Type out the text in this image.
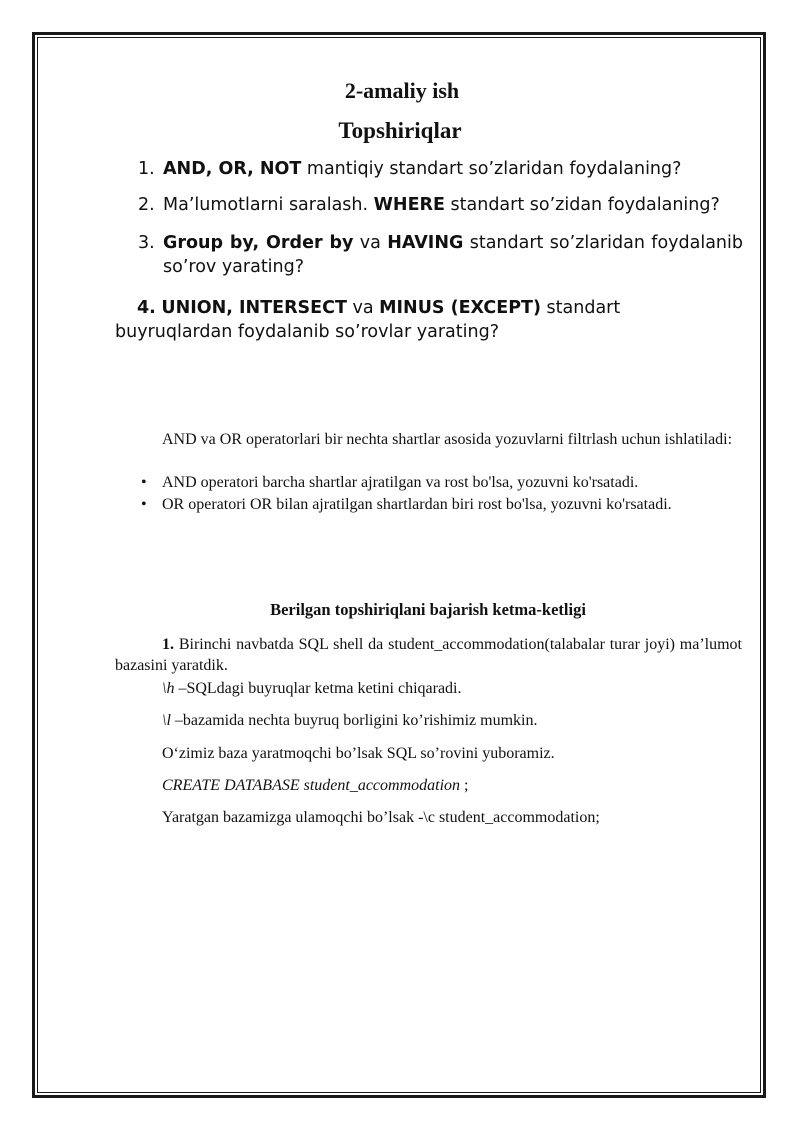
2-amaliy ish
Topshiriqlar
1. AND, OR, NOT mantiqiy standart so’zlaridan foydalaning?
2. Ma’lumotlarni saralash. WHERE standart so’zidan foydalaning?
3. Group by, Order by va HAVING standart so’zlaridan foydalanib so’rov yarating?
4. UNION, INTERSECT va MINUS (EXCEPT) standart buyruqlardan foydalanib so’rovlar yarating?
AND va OR operatorlari bir nechta shartlar asosida yozuvlarni filtrlash uchun ishlatiladi:
• AND operatori barcha shartlar ajratilgan va rost bo'lsa, yozuvni ko'rsatadi.
• OR operatori OR bilan ajratilgan shartlardan biri rost bo'lsa, yozuvni ko'rsatadi.
Berilgan topshiriqlani bajarish ketma-ketligi
1. Birinchi navbatda SQL shell da student_accommodation(talabalar turar joyi) ma’lumot bazasini yaratdik.
\h –SQLdagi buyruqlar ketma ketini chiqaradi.
\l –bazamida nechta buyruq borligini ko’rishimiz mumkin.
O‘zimiz baza yaratmoqchi bo’lsak SQL so’rovini yuboramiz.
CREATE DATABASE student_accommodation ;
Yaratgan bazamizga ulamoqchi bo’lsak -\c student_accommodation;
